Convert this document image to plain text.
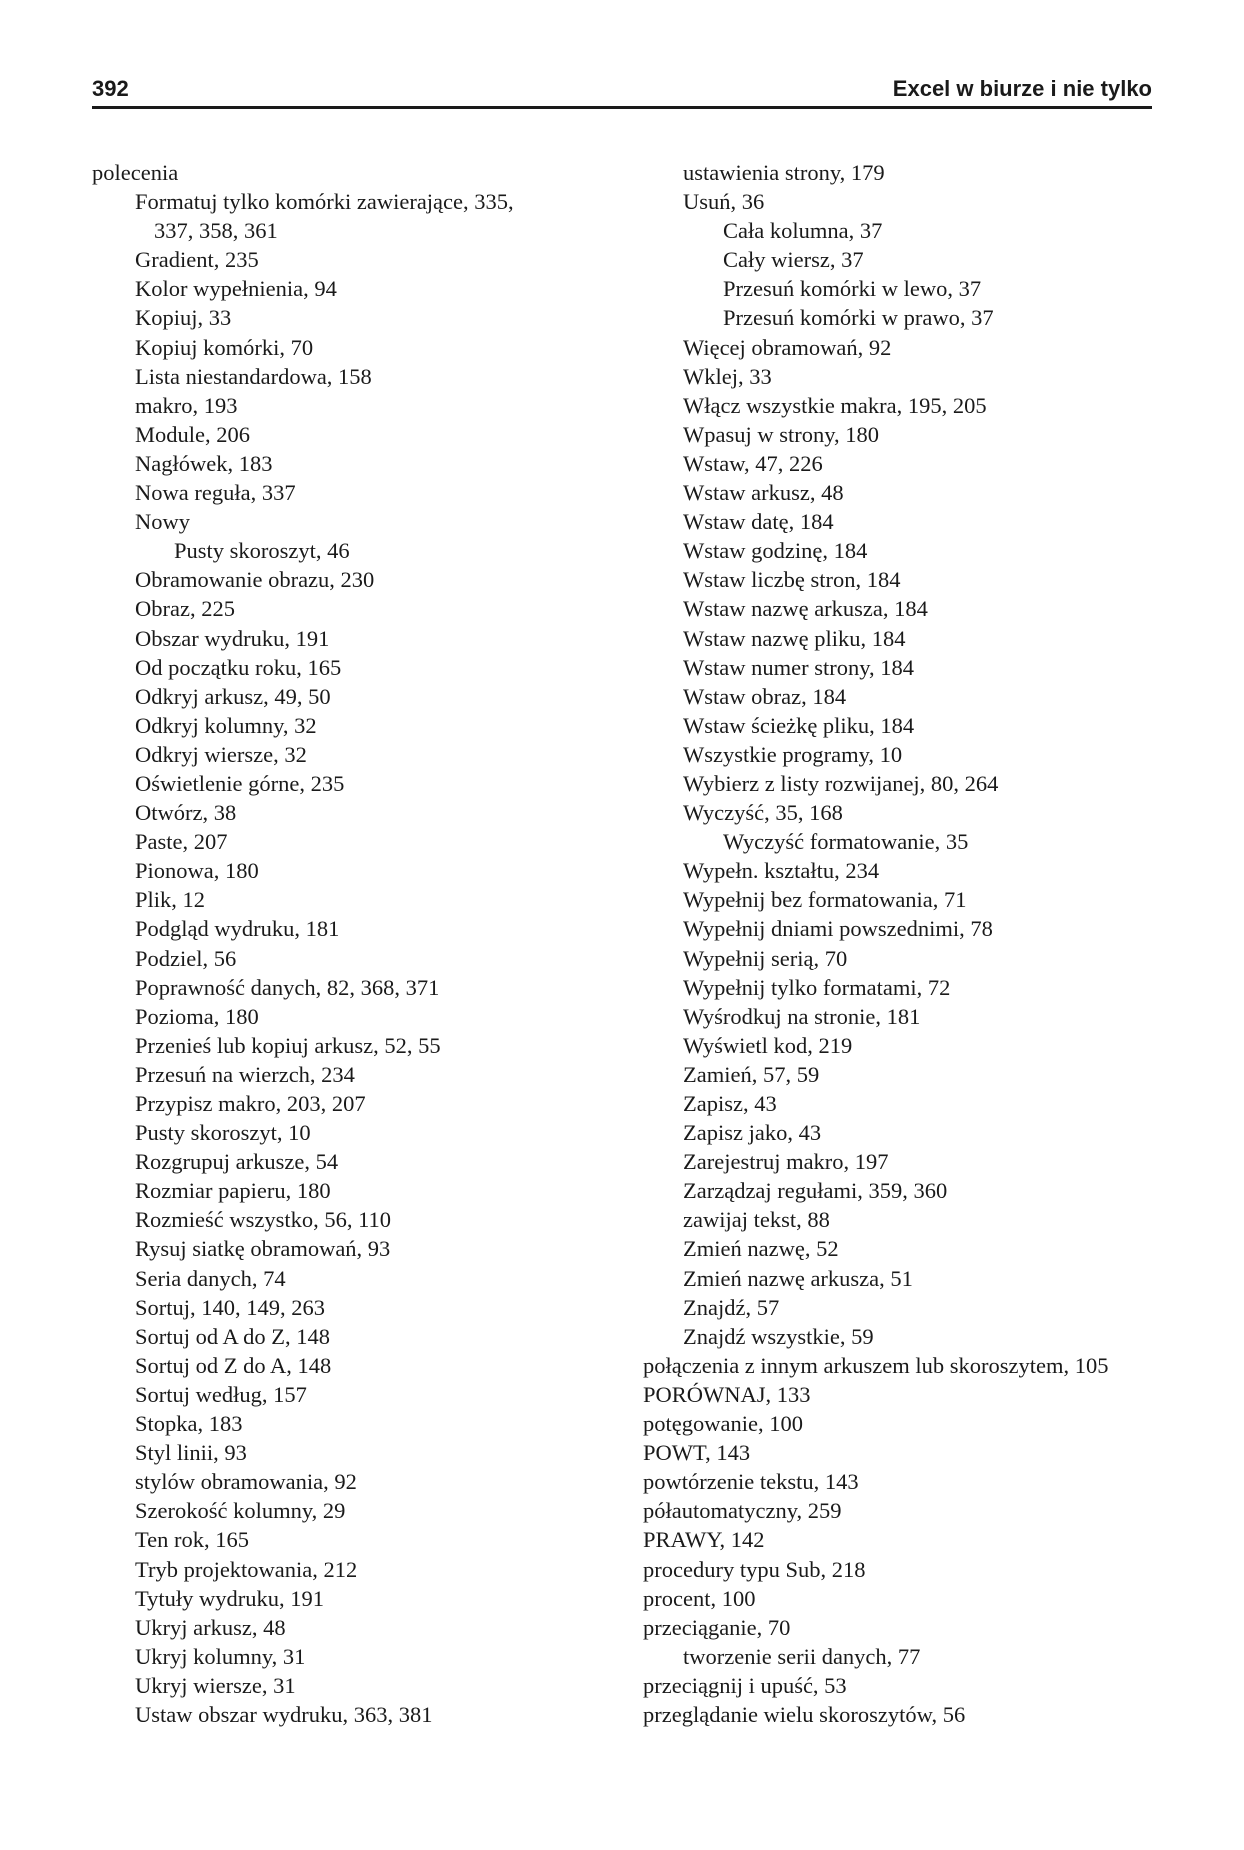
392	Excel w biurze i nie tylko
polecenia
Formatuj tylko komórki zawierające, 335,
337, 358, 361
Gradient, 235
Kolor wypełnienia, 94
Kopiuj, 33
Kopiuj komórki, 70
Lista niestandardowa, 158
makro, 193
Module, 206
Nagłówek, 183
Nowa reguła, 337
Nowy
Pusty skoroszyt, 46
Obramowanie obrazu, 230
Obraz, 225
Obszar wydruku, 191
Od początku roku, 165
Odkryj arkusz, 49, 50
Odkryj kolumny, 32
Odkryj wiersze, 32
Oświetlenie górne, 235
Otwórz, 38
Paste, 207
Pionowa, 180
Plik, 12
Podgląd wydruku, 181
Podziel, 56
Poprawność danych, 82, 368, 371
Pozioma, 180
Przenieś lub kopiuj arkusz, 52, 55
Przesuń na wierzch, 234
Przypisz makro, 203, 207
Pusty skoroszyt, 10
Rozgrupuj arkusze, 54
Rozmiar papieru, 180
Rozmieść wszystko, 56, 110
Rysuj siatkę obramowań, 93
Seria danych, 74
Sortuj, 140, 149, 263
Sortuj od A do Z, 148
Sortuj od Z do A, 148
Sortuj według, 157
Stopka, 183
Styl linii, 93
stylów obramowania, 92
Szerokość kolumny, 29
Ten rok, 165
Tryb projektowania, 212
Tytuły wydruku, 191
Ukryj arkusz, 48
Ukryj kolumny, 31
Ukryj wiersze, 31
Ustaw obszar wydruku, 363, 381
ustawienia strony, 179
Usuń, 36
Cała kolumna, 37
Cały wiersz, 37
Przesuń komórki w lewo, 37
Przesuń komórki w prawo, 37
Więcej obramowań, 92
Wklej, 33
Włącz wszystkie makra, 195, 205
Wpasuj w strony, 180
Wstaw, 47, 226
Wstaw arkusz, 48
Wstaw datę, 184
Wstaw godzinę, 184
Wstaw liczbę stron, 184
Wstaw nazwę arkusza, 184
Wstaw nazwę pliku, 184
Wstaw numer strony, 184
Wstaw obraz, 184
Wstaw ścieżkę pliku, 184
Wszystkie programy, 10
Wybierz z listy rozwijanej, 80, 264
Wyczyść, 35, 168
Wyczyść formatowanie, 35
Wypełn. kształtu, 234
Wypełnij bez formatowania, 71
Wypełnij dniami powszednimi, 78
Wypełnij serią, 70
Wypełnij tylko formatami, 72
Wyśrodkuj na stronie, 181
Wyświetl kod, 219
Zamień, 57, 59
Zapisz, 43
Zapisz jako, 43
Zarejestruj makro, 197
Zarządzaj regułami, 359, 360
zawijaj tekst, 88
Zmień nazwę, 52
Zmień nazwę arkusza, 51
Znajdź, 57
Znajdź wszystkie, 59
połączenia z innym arkuszem lub skoroszytem, 105
PORÓWNAJ, 133
potęgowanie, 100
POWT, 143
powtórzenie tekstu, 143
półautomatyczny, 259
PRAWY, 142
procedury typu Sub, 218
procent, 100
przeciąganie, 70
tworzenie serii danych, 77
przeciągnij i upuść, 53
przeglądanie wielu skoroszytów, 56
